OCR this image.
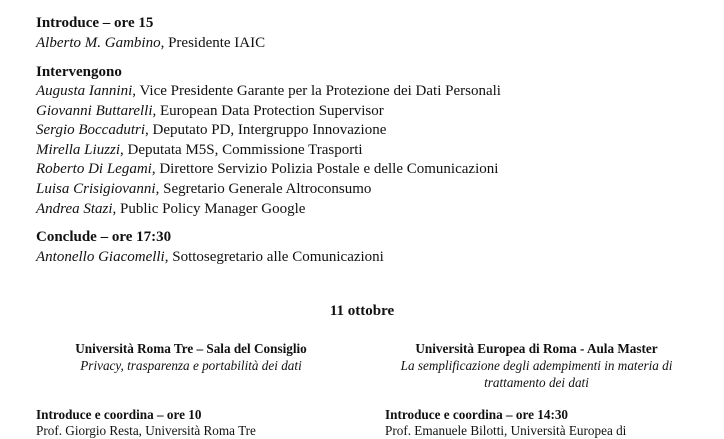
Introduce – ore 15
Alberto M. Gambino, Presidente IAIC
Intervengono
Augusta Iannini, Vice Presidente Garante per la Protezione dei Dati Personali
Giovanni Buttarelli, European Data Protection Supervisor
Sergio Boccadutri, Deputato PD, Intergruppo Innovazione
Mirella Liuzzi, Deputata M5S, Commissione Trasporti
Roberto Di Legami, Direttore Servizio Polizia Postale e delle Comunicazioni
Luisa Crisigiovanni, Segretario Generale Altroconsumo
Andrea Stazi, Public Policy Manager Google
Conclude – ore 17:30
Antonello Giacomelli, Sottosegretario alle Comunicazioni
11 ottobre
Università Roma Tre – Sala del Consiglio
Privacy, trasparenza e portabilità dei dati
Università Europea di Roma - Aula Master
La semplificazione degli adempimenti in materia di
trattamento dei dati
Introduce e coordina – ore 10	Introduce e coordina – ore 14:30
Prof. Giorgio Resta, Università Roma Tre	Prof. Emanuele Bilotti, Università Europea di
